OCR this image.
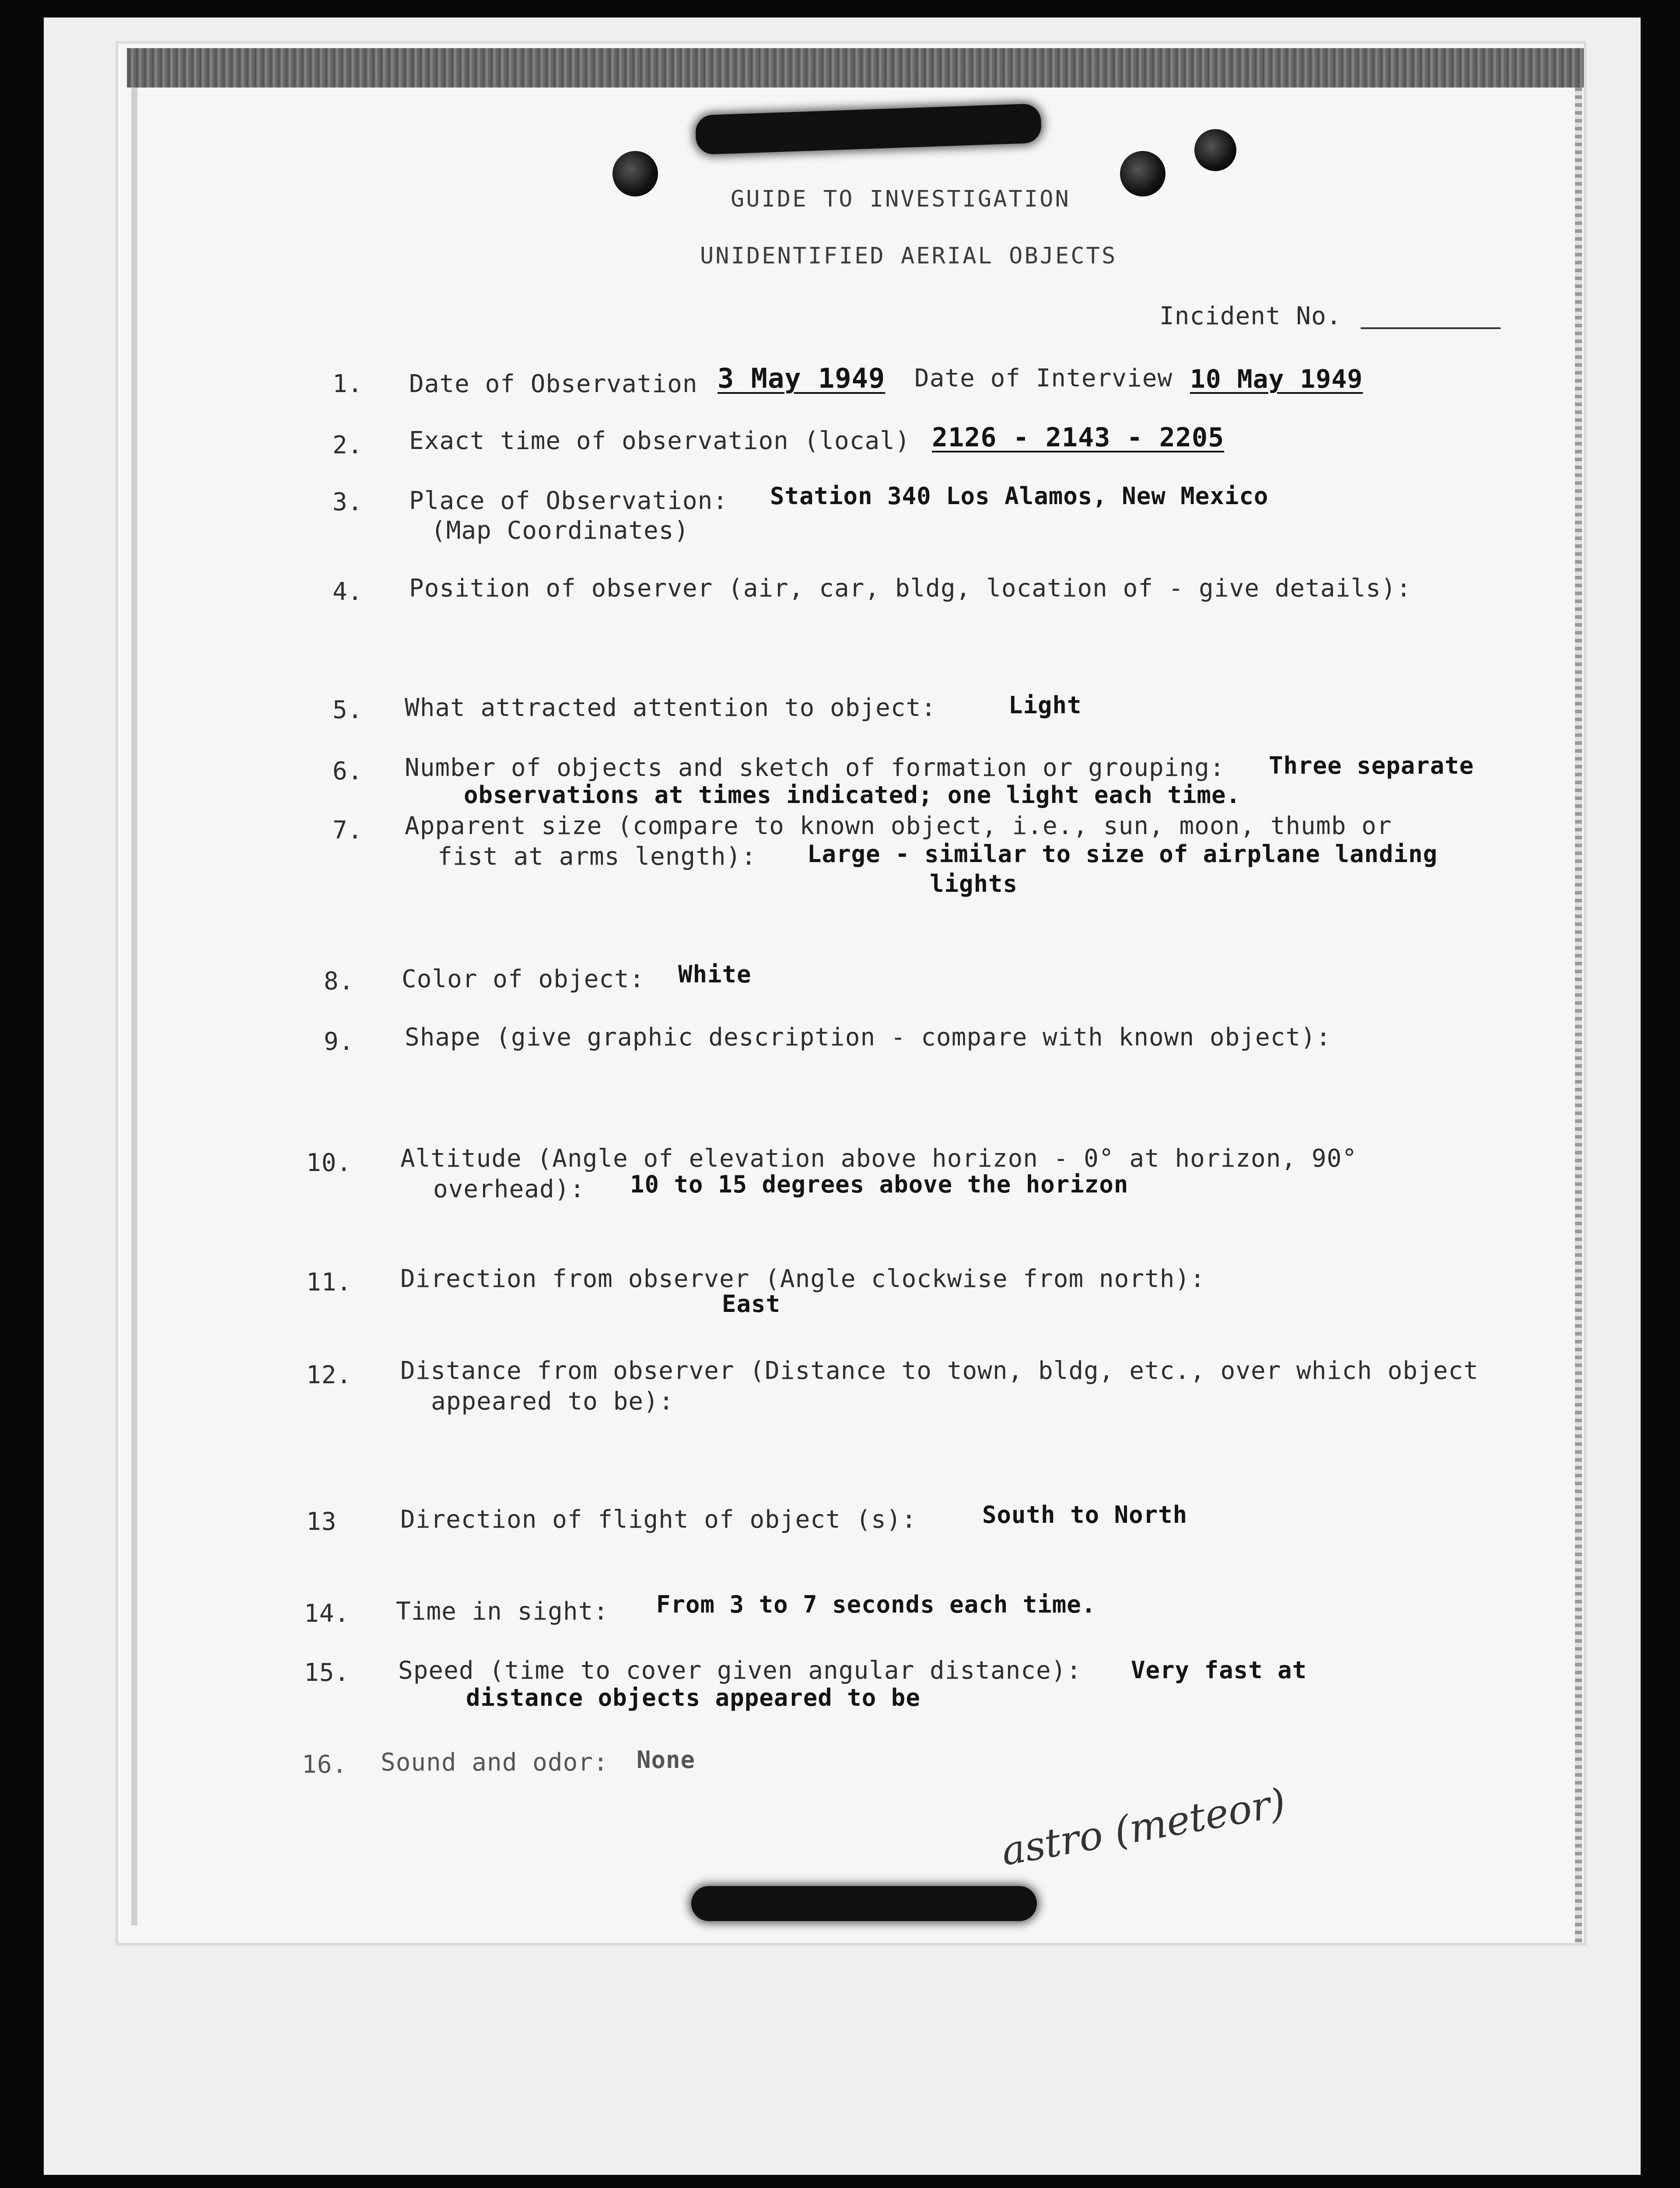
GUIDE TO INVESTIGATION
UNIDENTIFIED AERIAL OBJECTS
Incident No.
1. Date of Observation 3 May 1949 Date of Interview 10 May 1949
2. Exact time of observation (local) 2126 - 2143 - 2205
3. Place of Observation: Station 340 Los Alamos, New Mexico
(Map Coordinates)
4. Position of observer (air, car, bldg, location of - give details):
5. What attracted attention to object:	Light
6. Number of objects and sketch of formation or grouping: Three separate
observations at times indicated; one light each time.
7. Apparent size (compare to known object, i.e., sun, moon, thumb or
fist at arms length): Large - similar to size of airplane landing
lights
8. Color of object: White
9. Shape (give graphic description - compare with known object):
10. Altitude (Angle of elevation above horizon - 0° at horizon, 90°
overhead): 10 to 15 degrees above the horizon
11. Direction from observer (Angle clockwise from north):
East
12. Distance from observer (Distance to town, bldg, etc., over which object
appeared to be):
13	Direction of flight of object (s):	South to North
14. Time in sight: From 3 to 7 seconds each time.
15. Speed (time to cover given angular distance): Very fast at
distance objects appeared to be
16. Sound and odor: None
astro (meteor)
